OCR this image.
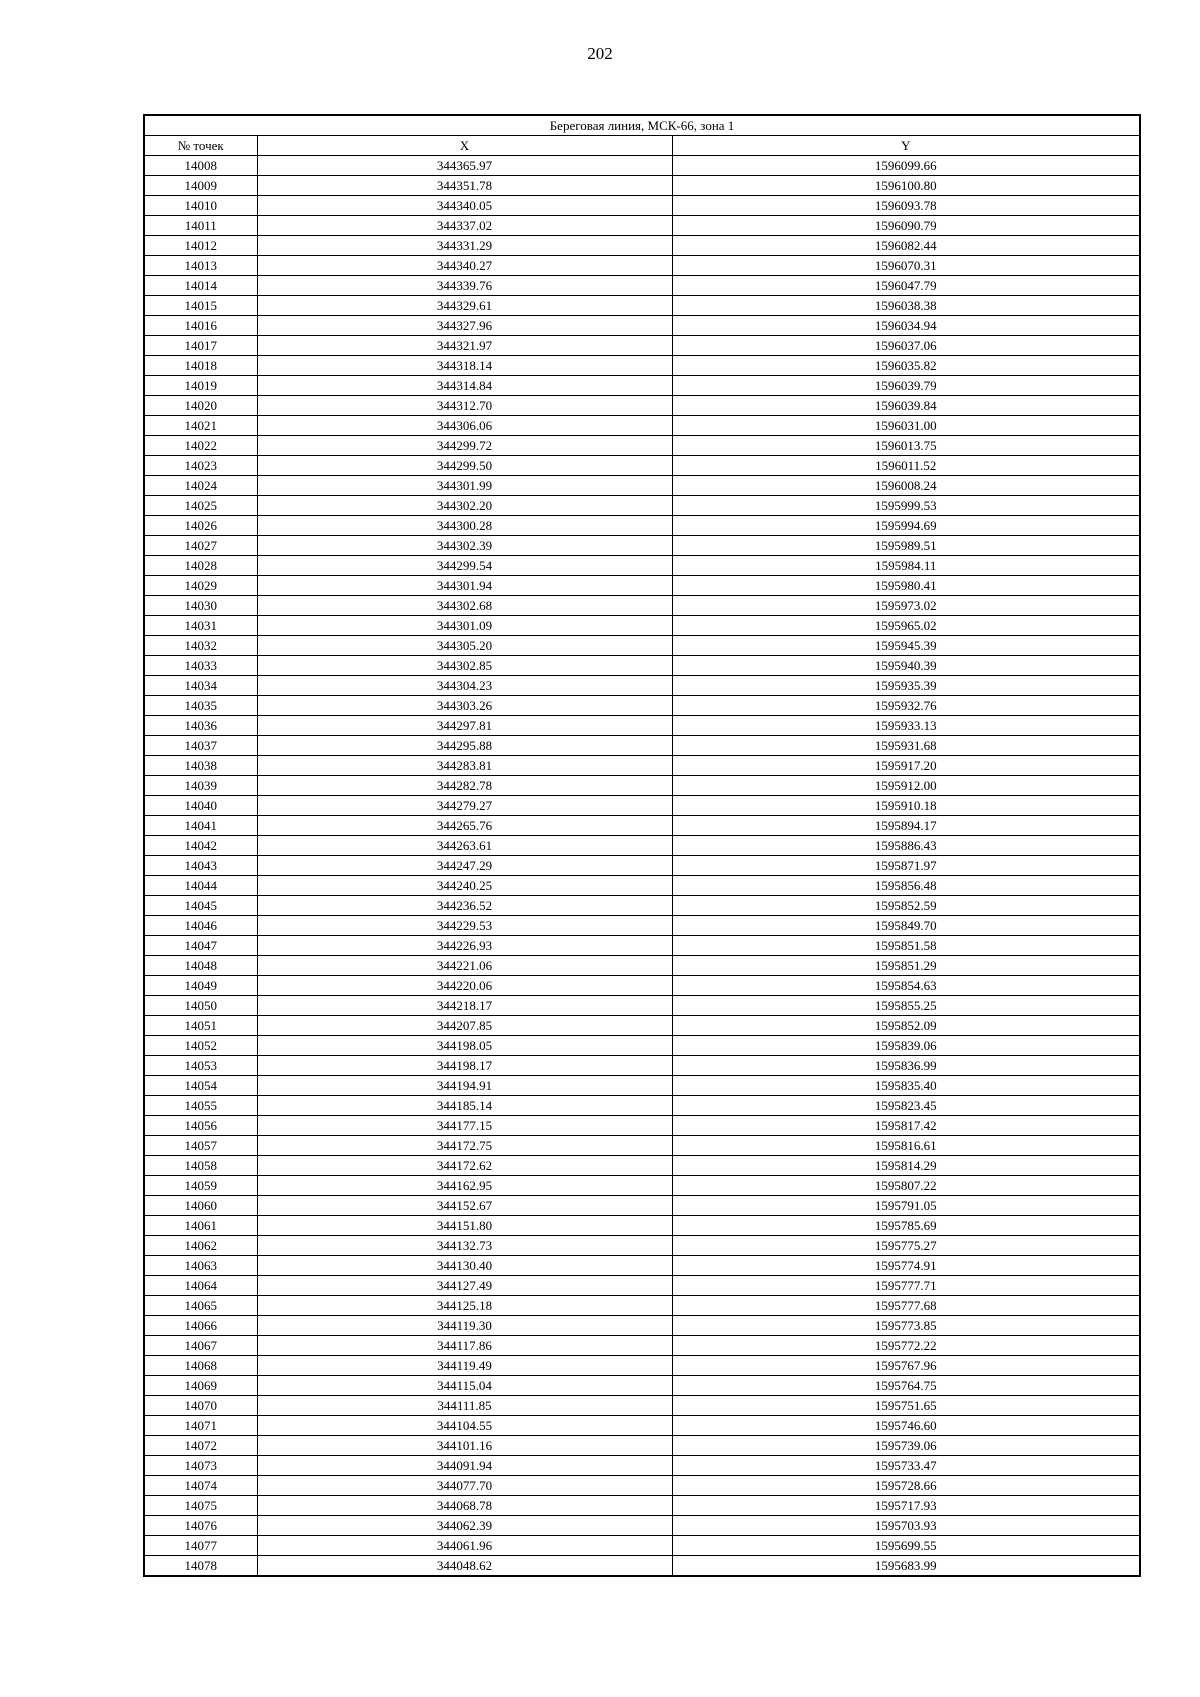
202
Береговая линия, МСК-66, зона 1		
№ точек	X	Y
14008	344365.97	1596099.66
14009	344351.78	1596100.80
14010	344340.05	1596093.78
14011	344337.02	1596090.79
14012	344331.29	1596082.44
14013	344340.27	1596070.31
14014	344339.76	1596047.79
14015	344329.61	1596038.38
14016	344327.96	1596034.94
14017	344321.97	1596037.06
14018	344318.14	1596035.82
14019	344314.84	1596039.79
14020	344312.70	1596039.84
14021	344306.06	1596031.00
14022	344299.72	1596013.75
14023	344299.50	1596011.52
14024	344301.99	1596008.24
14025	344302.20	1595999.53
14026	344300.28	1595994.69
14027	344302.39	1595989.51
14028	344299.54	1595984.11
14029	344301.94	1595980.41
14030	344302.68	1595973.02
14031	344301.09	1595965.02
14032	344305.20	1595945.39
14033	344302.85	1595940.39
14034	344304.23	1595935.39
14035	344303.26	1595932.76
14036	344297.81	1595933.13
14037	344295.88	1595931.68
14038	344283.81	1595917.20
14039	344282.78	1595912.00
14040	344279.27	1595910.18
14041	344265.76	1595894.17
14042	344263.61	1595886.43
14043	344247.29	1595871.97
14044	344240.25	1595856.48
14045	344236.52	1595852.59
14046	344229.53	1595849.70
14047	344226.93	1595851.58
14048	344221.06	1595851.29
14049	344220.06	1595854.63
14050	344218.17	1595855.25
14051	344207.85	1595852.09
14052	344198.05	1595839.06
14053	344198.17	1595836.99
14054	344194.91	1595835.40
14055	344185.14	1595823.45
14056	344177.15	1595817.42
14057	344172.75	1595816.61
14058	344172.62	1595814.29
14059	344162.95	1595807.22
14060	344152.67	1595791.05
14061	344151.80	1595785.69
14062	344132.73	1595775.27
14063	344130.40	1595774.91
14064	344127.49	1595777.71
14065	344125.18	1595777.68
14066	344119.30	1595773.85
14067	344117.86	1595772.22
14068	344119.49	1595767.96
14069	344115.04	1595764.75
14070	344111.85	1595751.65
14071	344104.55	1595746.60
14072	344101.16	1595739.06
14073	344091.94	1595733.47
14074	344077.70	1595728.66
14075	344068.78	1595717.93
14076	344062.39	1595703.93
14077	344061.96	1595699.55
14078	344048.62	1595683.99
